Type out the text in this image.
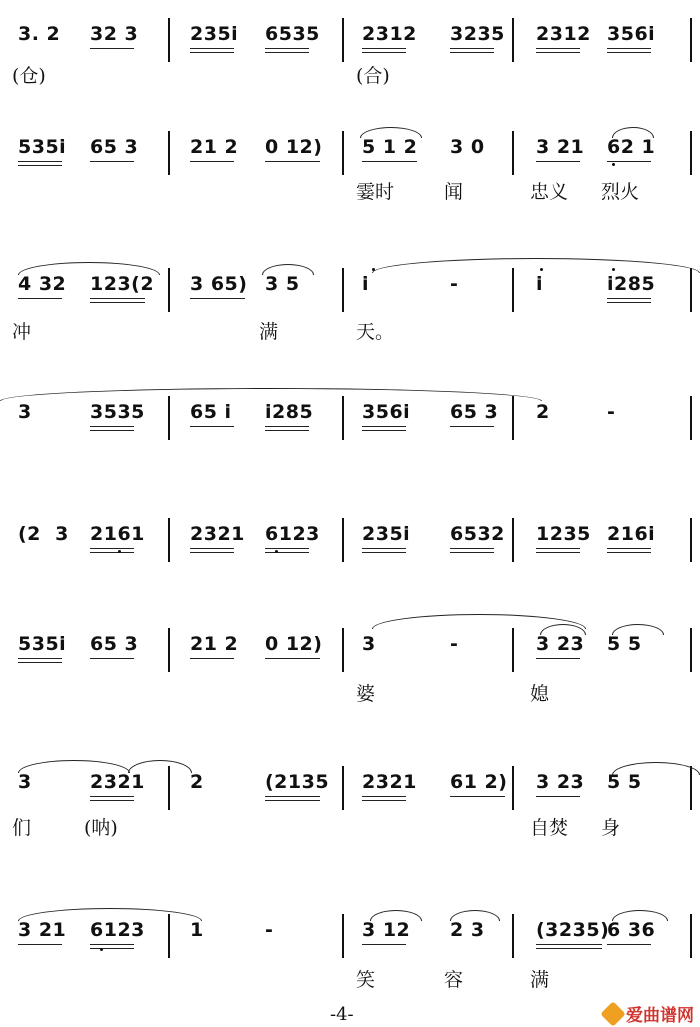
3. 2 32 3	235i 6535 2312 3235 2312 356i
(仓)	(合)
535i 65 3	21 2 0 12) 5 1 2 3 0	3 21 62 1
霎时	闻	忠义 烈火
4 32 123(2 3 65) 3 5	i	-	i	i285
冲	满	天。
3	3535 65 i i285	356i 65 3 2	-
(2  3 2161 2321 6123 235i 6532 1235 216i
535i 65 3	21 2 0 12) 3	-	3 23 5 5
婆	媳
3	2321 2	(2135 2321 61 2) 3 23 5 5
们	(呐)	自焚 身
3 21 6123 1	-	3 12 2 3	(3235)
6 36
笑	容	满
-4-	爱曲谱网
